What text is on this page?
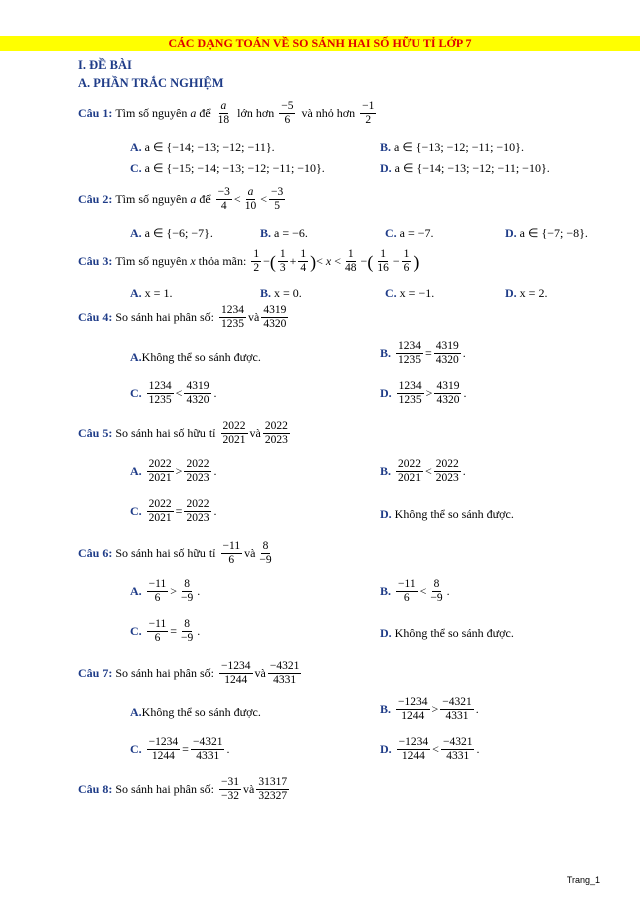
CÁC DẠNG TOÁN VỀ SO SÁNH HAI SỐ HỮU TỈ LỚP 7
I. ĐỀ BÀI
A. PHẦN TRẮC NGHIỆM
Câu 1: Tìm số nguyên a để $\frac{a}{18}$ lớn hơn $\frac{-5}{6}$ và nhỏ hơn $\frac{-1}{2}$
A. a ∈ {−14; −13; −12; −11}.	B. a ∈ {−13; −12; −11; −10}.
C. a ∈ {−15; −14; −13; −12; −11; −10}.	D. a ∈ {−14; −13; −12; −11; −10}.
Câu 2: Tìm số nguyên a để $\frac{-3}{4} < \frac{a}{10} < \frac{-3}{5}$
A. a ∈ {−6; −7}.	B. a = −6.	C. a = −7.	D. a ∈ {−7; −8}.
Câu 3: Tìm số nguyên x thỏa mãn: $\frac{1}{2}$ − ( $\frac{1}{3} + \frac{1}{4}$ ) < $x < \frac{1}{48}$ − ( $\frac{1}{16} - \frac{1}{6}$ )
A. x = 1.	B. x = 0.	C. x = −1.	D. x = 2.
Câu 4: So sánh hai phân số: $\frac{1234}{1235}$ và $\frac{4319}{4320}$
A.Không thể so sánh được.	B. $\frac{1234}{1235} = \frac{4319}{4320}$ .
C. $\frac{1234}{1235} < \frac{4319}{4320}$ .	D. $\frac{1234}{1235} > \frac{4319}{4320}$ .
Câu 5: So sánh hai số hữu tỉ $\frac{2022}{2021}$ và $\frac{2022}{2023}$
A. $\frac{2022}{2021} > \frac{2022}{2023}$ .	B. $\frac{2022}{2021} < \frac{2022}{2023}$ .
C. $\frac{2022}{2021} = \frac{2022}{2023}$ .	D. Không thể so sánh được.
Câu 6: So sánh hai số hữu tỉ $\frac{-11}{6}$ và $\frac{8}{-9}$
A. $\frac{-11}{6} > \frac{8}{-9}$ .	B. $\frac{-11}{6} < \frac{8}{-9}$ .
C. $\frac{-11}{6} = \frac{8}{-9}$ .	D. Không thể so sánh được.
Câu 7: So sánh hai phân số: $\frac{-1234}{1244}$ và $\frac{-4321}{4331}$
A.Không thể so sánh được.	B. $\frac{-1234}{1244} > \frac{-4321}{4331}$ .
C. $\frac{-1234}{1244} = \frac{-4321}{4331}$ .	D. $\frac{-1234}{1244} < \frac{-4321}{4331}$ .
Câu 8: So sánh hai phân số: $\frac{-31}{-32}$ và $\frac{31317}{32327}$
Trang_1
